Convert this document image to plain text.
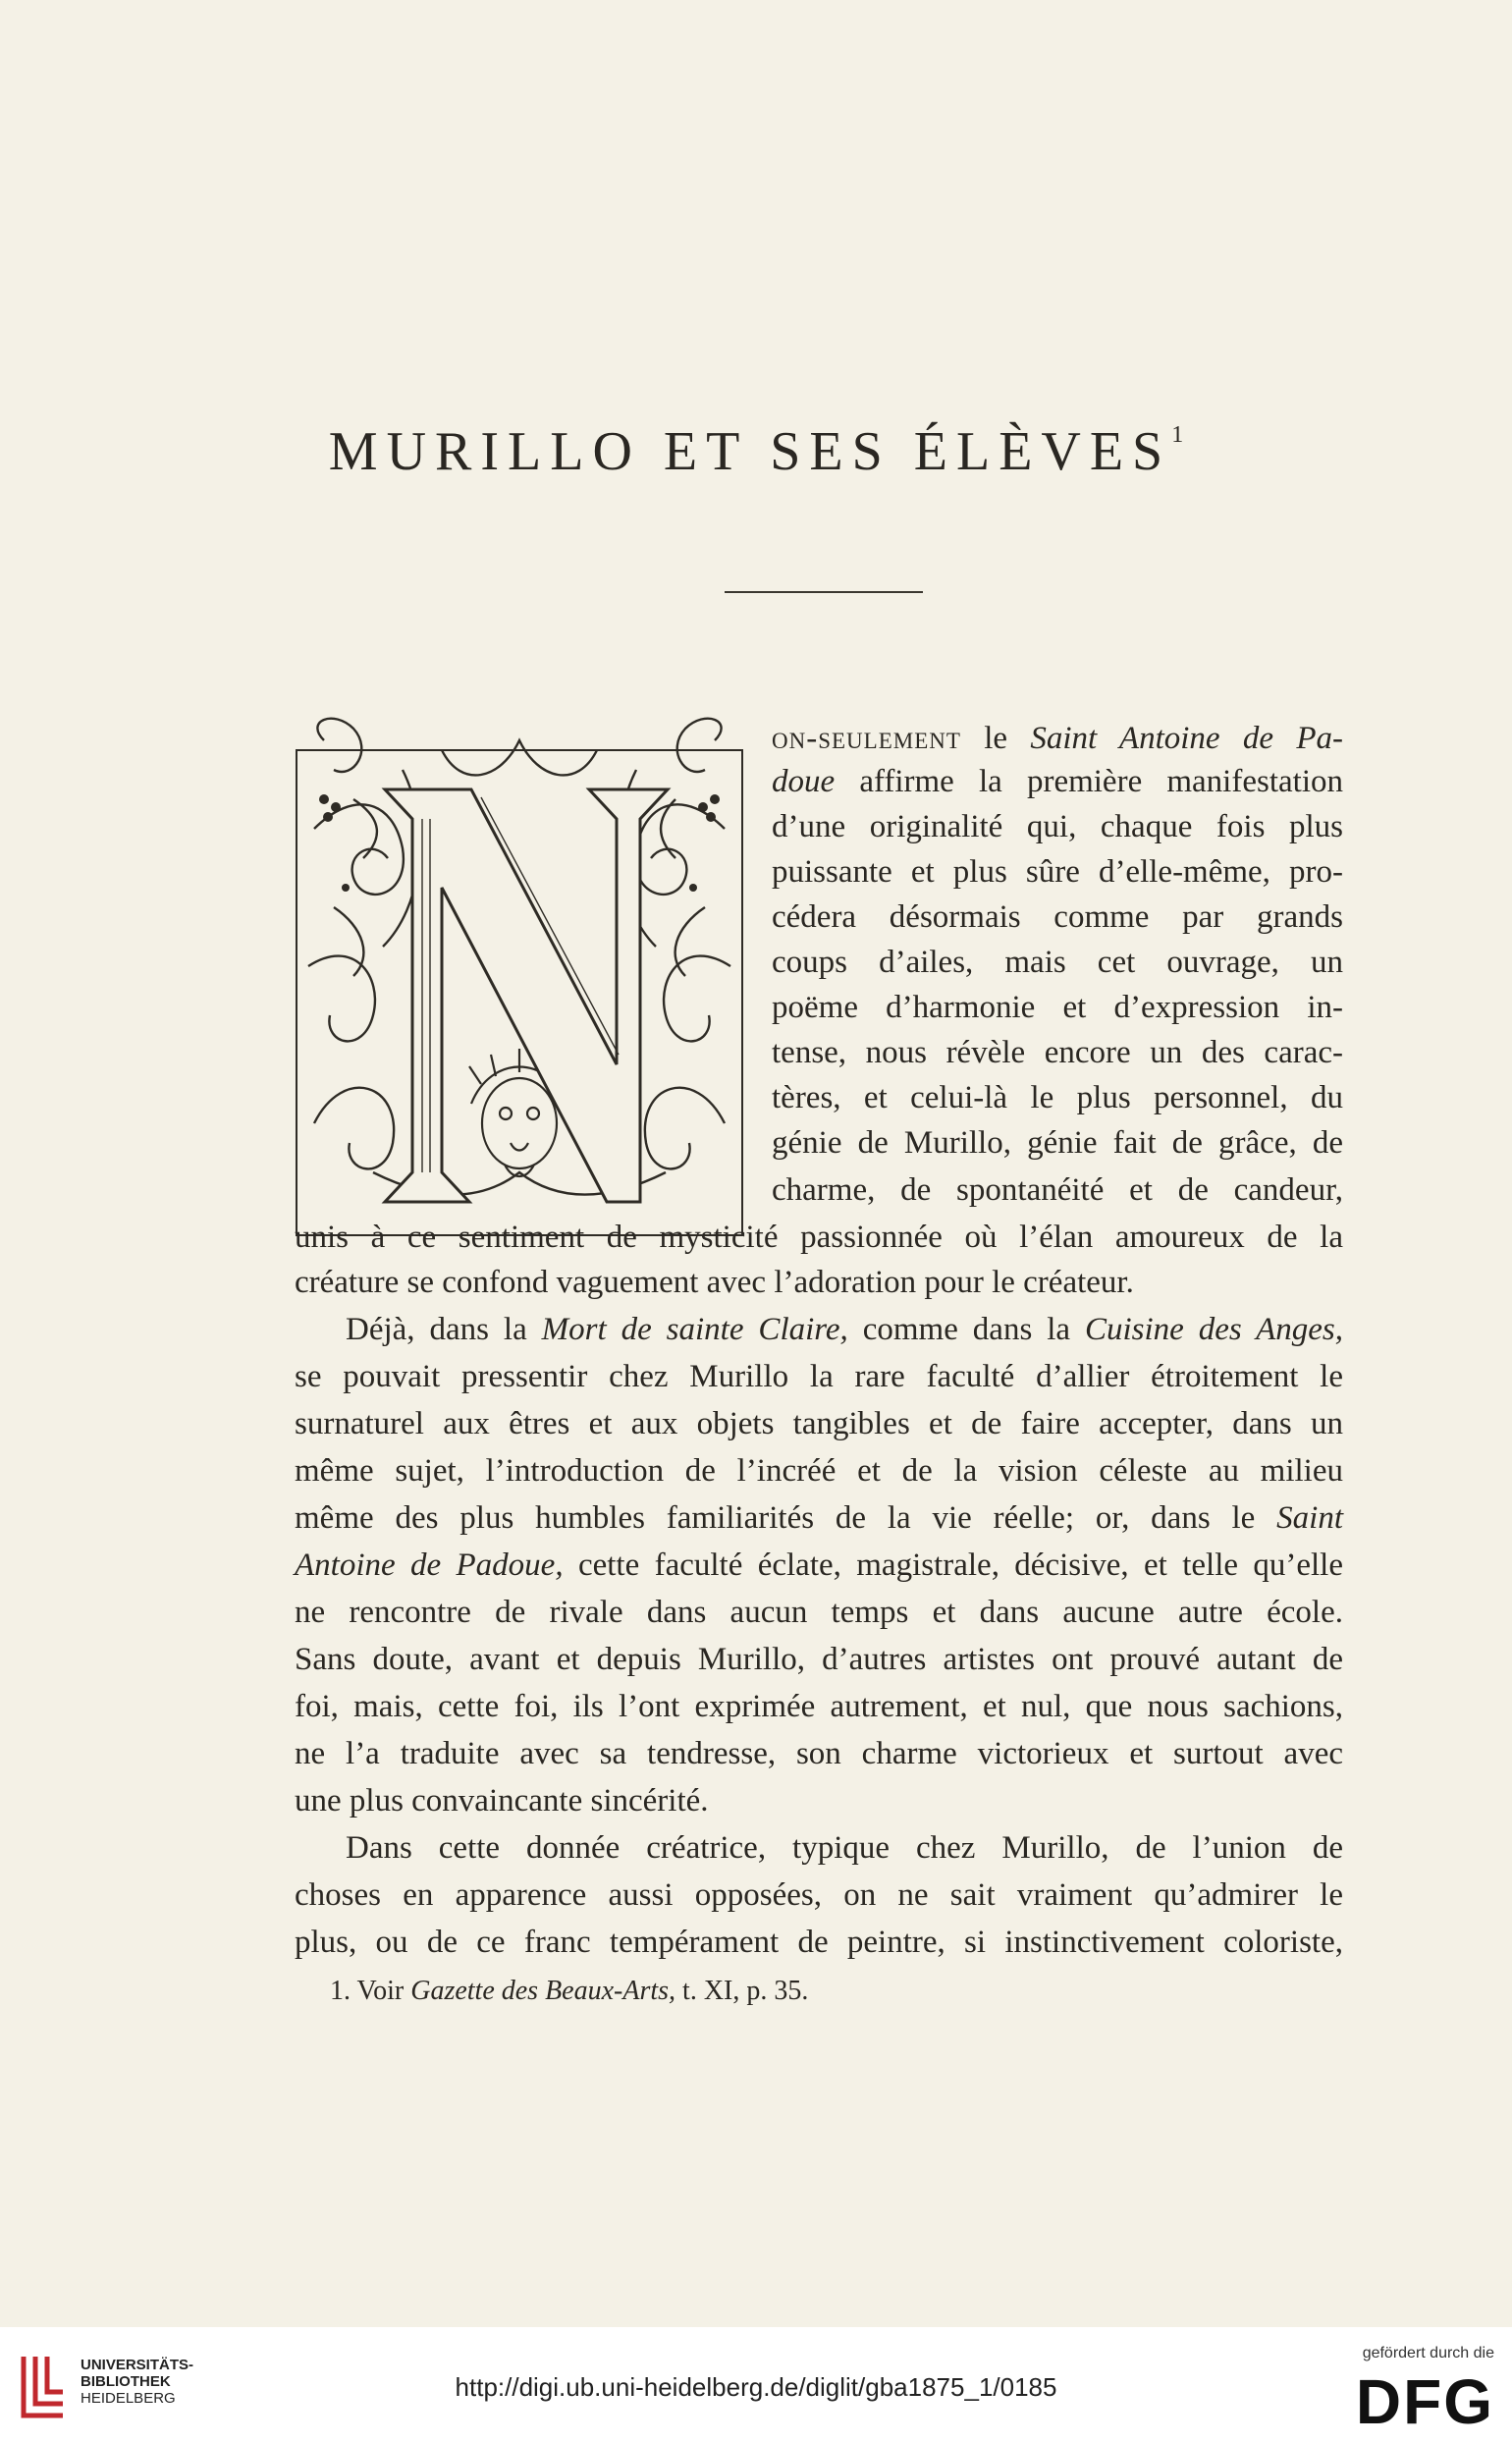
MURILLO ET SES ÉLÈVES$^1$
on-seulement le Saint Antoine de Pa-
doue affirme la première manifestation
d’une originalité qui, chaque fois plus
puissante et plus sûre d’elle-même, pro-
cédera désormais comme par grands
coups d’ailes, mais cet ouvrage, un
poëme d’harmonie et d’expression in-
tense, nous révèle encore un des carac-
tères, et celui-là le plus personnel, du
génie de Murillo, génie fait de grâce, de
charme, de spontanéité et de candeur,
unis à ce sentiment de mysticité passionnée où l’élan amoureux de la
créature se confond vaguement avec l’adoration pour le créateur.
Déjà, dans la Mort de sainte Claire, comme dans la Cuisine des Anges,
se pouvait pressentir chez Murillo la rare faculté d’allier étroitement le
surnaturel aux êtres et aux objets tangibles et de faire accepter, dans un
même sujet, l’introduction de l’incréé et de la vision céleste au milieu
même des plus humbles familiarités de la vie réelle; or, dans le Saint
Antoine de Padoue, cette faculté éclate, magistrale, décisive, et telle qu’elle
ne rencontre de rivale dans aucun temps et dans aucune autre école.
Sans doute, avant et depuis Murillo, d’autres artistes ont prouvé autant de
foi, mais, cette foi, ils l’ont exprimée autrement, et nul, que nous sachions,
ne l’a traduite avec sa tendresse, son charme victorieux et surtout avec
une plus convaincante sincérité.
Dans cette donnée créatrice, typique chez Murillo, de l’union de
choses en apparence aussi opposées, on ne sait vraiment qu’admirer le
plus, ou de ce franc tempérament de peintre, si instinctivement coloriste,
1. Voir Gazette des Beaux-Arts, t. XI, p. 35.
UNIVERSITÄTS-
BIBLIOTHEK
HEIDELBERG	http://digi.ub.uni-heidelberg.de/diglit/gba1875_1/0185
gefördert durch die
DFG
